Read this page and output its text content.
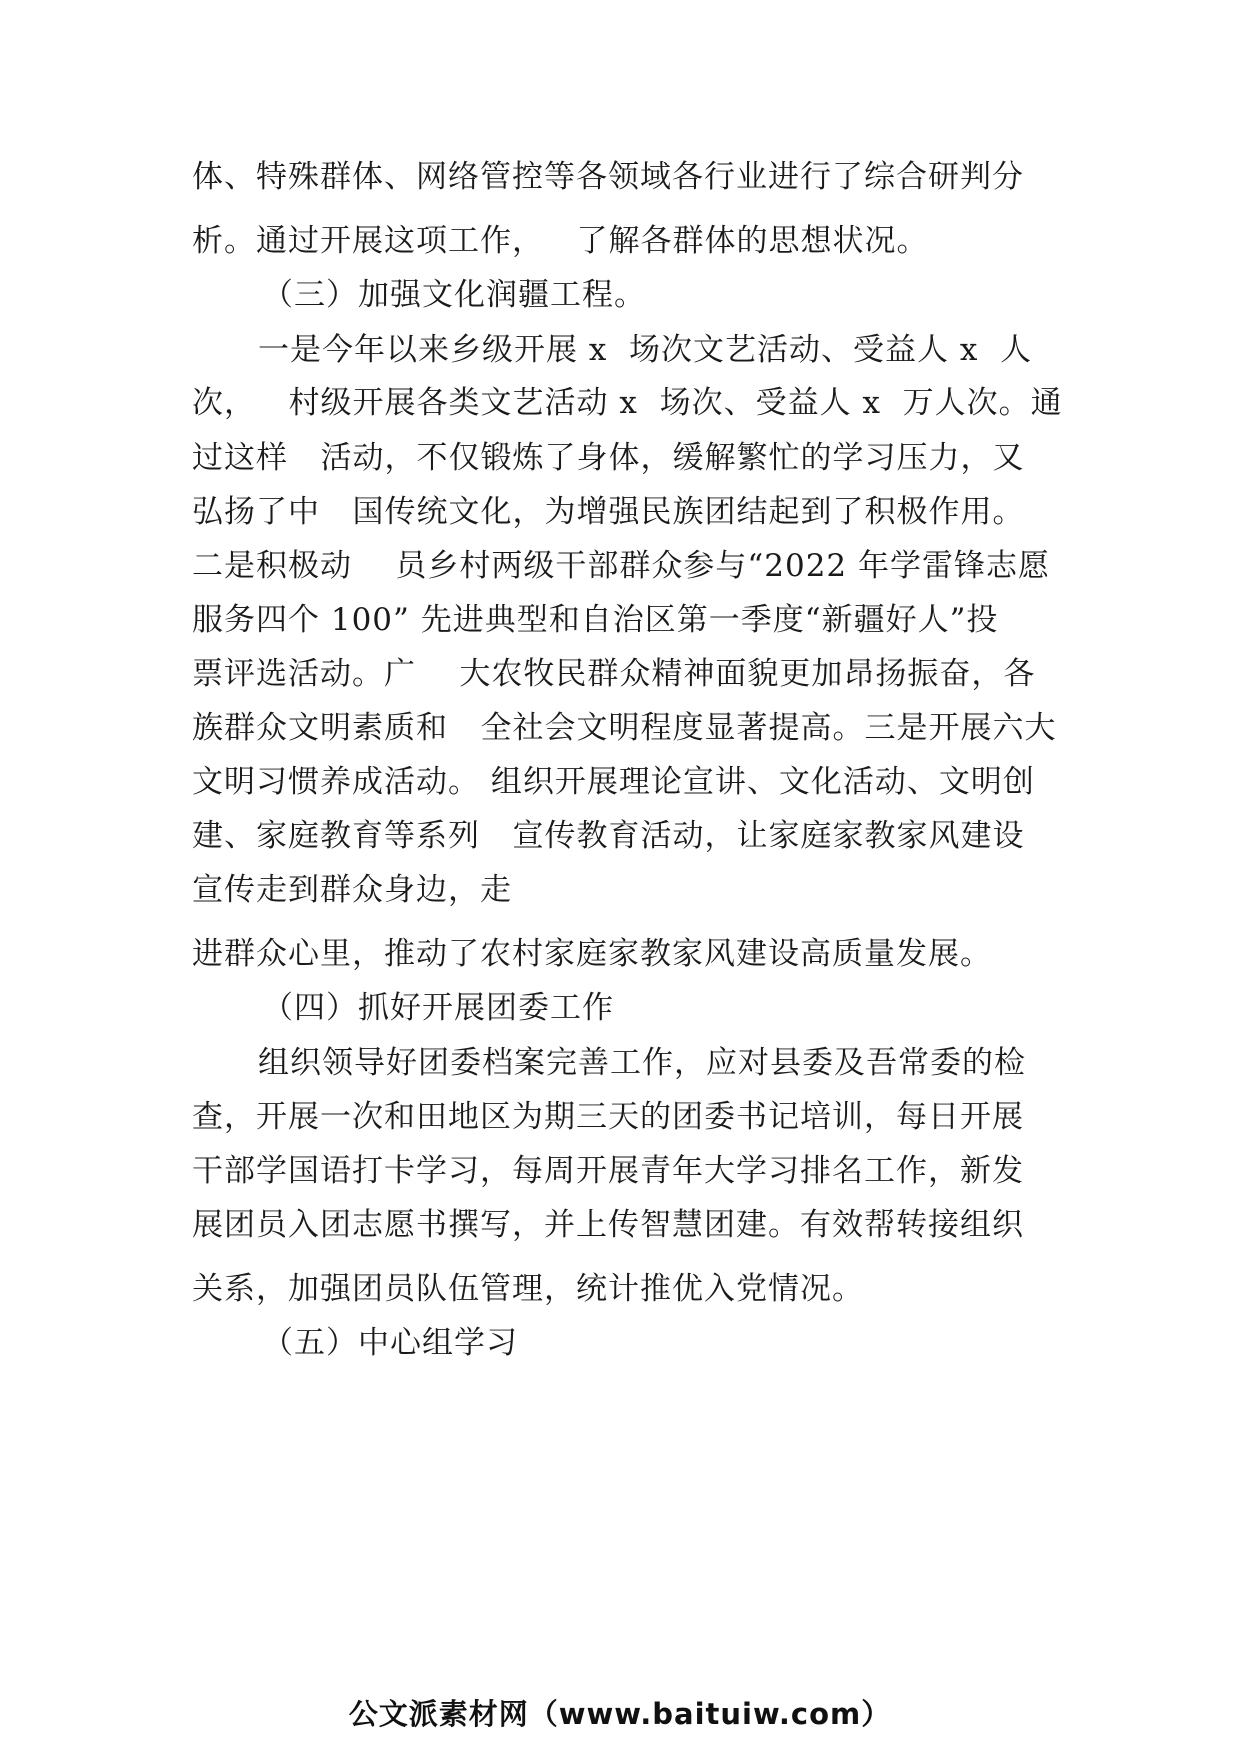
体、特殊群体、网络管控等各领域各行业进行了综合研判分
析。通过开展这项工作，   了解各群体的思想状况。
（三）加强文化润疆工程。
一是今年以来乡级开展 x  场次文艺活动、受益人 x  人
次，   村级开展各类文艺活动 x  场次、受益人 x  万人次。通
过这样   活动，不仅锻炼了身体，缓解繁忙的学习压力，又
弘扬了中   国传统文化，为增强民族团结起到了积极作用。
二是积极动    员乡村两级干部群众参与“2022 年学雷锋志愿
服务四个 100” 先进典型和自治区第一季度“新疆好人”投
票评选活动。广    大农牧民群众精神面貌更加昂扬振奋，各
族群众文明素质和   全社会文明程度显著提高。三是开展六大
文明习惯养成活动。 组织开展理论宣讲、文化活动、文明创
建、家庭教育等系列   宣传教育活动，让家庭家教家风建设
宣传走到群众身边，走
进群众心里，推动了农村家庭家教家风建设高质量发展。
（四）抓好开展团委工作
组织领导好团委档案完善工作，应对县委及吾常委的检
查，开展一次和田地区为期三天的团委书记培训，每日开展
干部学国语打卡学习，每周开展青年大学习排名工作，新发
展团员入团志愿书撰写，并上传智慧团建。有效帮转接组织
关系，加强团员队伍管理，统计推优入党情况。
（五）中心组学习
公文派素材网（www.baituiw.com）
